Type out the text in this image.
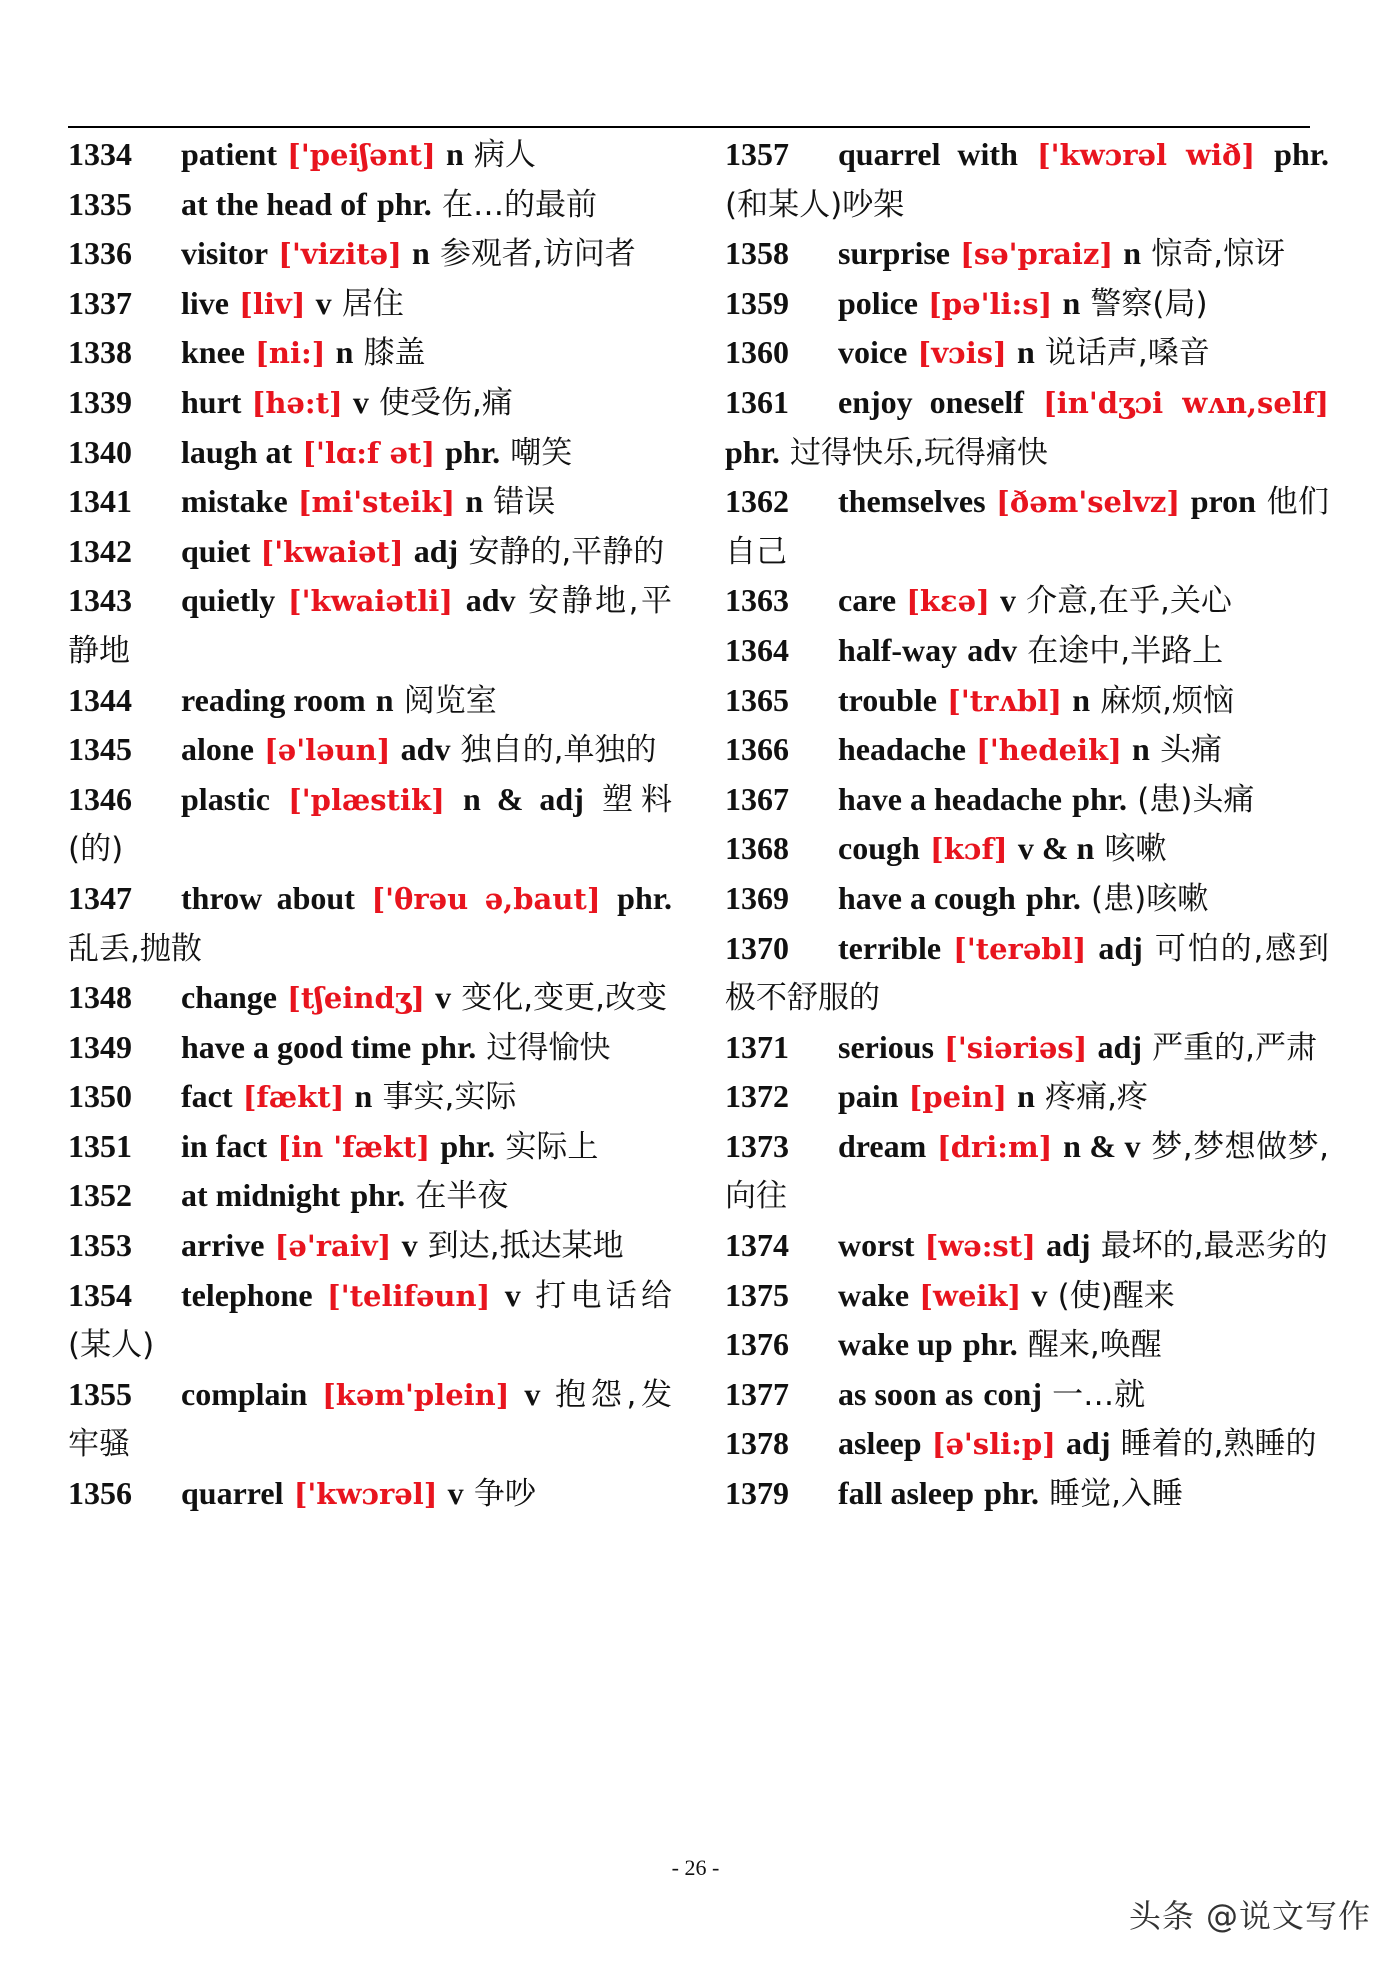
1334 patient ['peiʃənt] n 病人

1335 at the head of phr. 在…的最前

1336 visitor ['vizitə] n 参观者,访问者

1337 live [liv] v 居住

1338 knee [ni:] n 膝盖

1339 hurt [hə:t] v 使受伤,痛

1340 laugh at ['lɑ:f ət] phr. 嘲笑

1341 mistake [mi'steik] n 错误

1342 quiet ['kwaiət] adj 安静的,平静的

1343 quietly ['kwaiətli] adv 安静地,平静地

1344 reading room n 阅览室

1345 alone [ə'ləun] adv 独自的,单独的

1346 plastic ['plæstik] n & adj 塑料(的)

1347 throw about ['θrəu ə,baut] phr. 乱丢,抛散

1348 change [tʃeindʒ] v 变化,变更,改变

1349 have a good time phr. 过得愉快

1350 fact [fækt] n 事实,实际

1351 in fact [in 'fækt] phr. 实际上

1352 at midnight phr. 在半夜

1353 arrive [ə'raiv] v 到达,抵达某地

1354 telephone ['telifəun] v 打电话给(某人)

1355 complain [kəm'plein] v 抱怨,发牢骚

1356 quarrel ['kwɔrəl] v 争吵

1357 quarrel with ['kwɔrəl wið] phr. (和某人)吵架

1358 surprise [sə'praiz] n 惊奇,惊讶

1359 police [pə'li:s] n 警察(局)

1360 voice [vɔis] n 说话声,嗓音

1361 enjoy oneself [in'dʒɔi wʌn,self] phr. 过得快乐,玩得痛快

1362 themselves [ðəm'selvz] pron 他们自己

1363 care [kɛə] v 介意,在乎,关心

1364 half-way adv 在途中,半路上

1365 trouble ['trʌbl] n 麻烦,烦恼

1366 headache ['hedeik] n 头痛

1367 have a headache phr. (患)头痛

1368 cough [kɔf] v & n 咳嗽

1369 have a cough phr. (患)咳嗽

1370 terrible ['terəbl] adj 可怕的,感到极不舒服的

1371 serious ['siəriəs] adj 严重的,严肃

1372 pain [pein] n 疼痛,疼

1373 dream [dri:m] n & v 梦,梦想做梦,向往

1374 worst [wə:st] adj 最坏的,最恶劣的

1375 wake [weik] v (使)醒来

1376 wake up phr. 醒来,唤醒

1377 as soon as conj 一…就

1378 asleep [ə'sli:p] adj 睡着的,熟睡的

1379 fall asleep phr. 睡觉,入睡

- 26 -
头条 @说文写作
